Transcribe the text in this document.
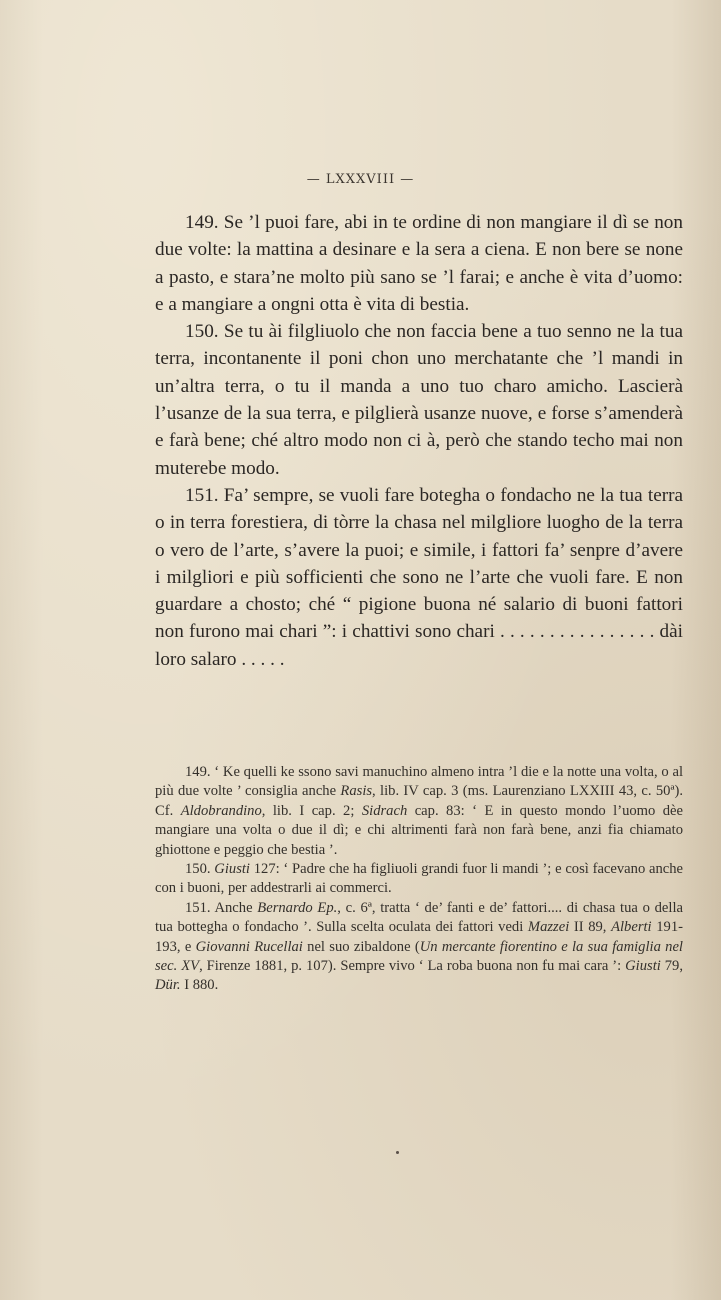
— LXXXVIII —

149. Se ’l puoi fare, abi in te ordine di non mangiare il dì se non due volte: la mattina a desinare e la sera a ciena. E non bere se none a pasto, e stara’ne molto più sano se ’l farai; e anche è vita d’uomo: e a mangiare a ongni otta è vita di bestia.

150. Se tu ài filgliuolo che non faccia bene a tuo senno ne la tua terra, incontanente il poni chon uno merchatante che ’l mandi in un’altra terra, o tu il manda a uno tuo charo amicho. Lascierà l’usanze de la sua terra, e pilglierà usanze nuove, e forse s’amenderà e farà bene; ché altro modo non ci à, però che stando techo mai non muterebe modo.

151. Fa’ sempre, se vuoli fare botegha o fondacho ne la tua terra o in terra forestiera, di tòrre la chasa nel milgliore luogho de la terra o vero de l’arte, s’avere la puoi; e simile, i fattori fa’ senpre d’avere i milgliori e più sofficienti che sono ne l’arte che vuoli fare. E non guardare a chosto; ché “ pigione buona né salario di buoni fattori non furono mai chari ”: i chattivi sono chari . . . . . . . . . . . . . . . . dài loro salaro . . . . .

149. ‘ Ke quelli ke ssono savi manuchino almeno intra ’l die e la notte una volta, o al più due volte ’ consiglia anche Rasis, lib. IV cap. 3 (ms. Laurenziano LXXIII 43, c. 50ª). Cf. Aldobrandino, lib. I cap. 2; Sidrach cap. 83: ‘ E in questo mondo l’uomo dèe mangiare una volta o due il dì; e chi altrimenti farà non farà bene, anzi fia chiamato ghiottone e peggio che bestia ’.

150. Giusti 127: ‘ Padre che ha figliuoli grandi fuor li mandi ’; e così facevano anche con i buoni, per addestrarli ai commerci.

151. Anche Bernardo Ep., c. 6ª, tratta ‘ de’ fanti e de’ fattori.... di chasa tua o della tua bottegha o fondacho ’. Sulla scelta oculata dei fattori vedi Mazzei II 89, Alberti 191-193, e Giovanni Rucellai nel suo zibaldone (Un mercante fiorentino e la sua famiglia nel sec. XV, Firenze 1881, p. 107). Sempre vivo ‘ La roba buona non fu mai cara ’: Giusti 79, Dür. I 880.
